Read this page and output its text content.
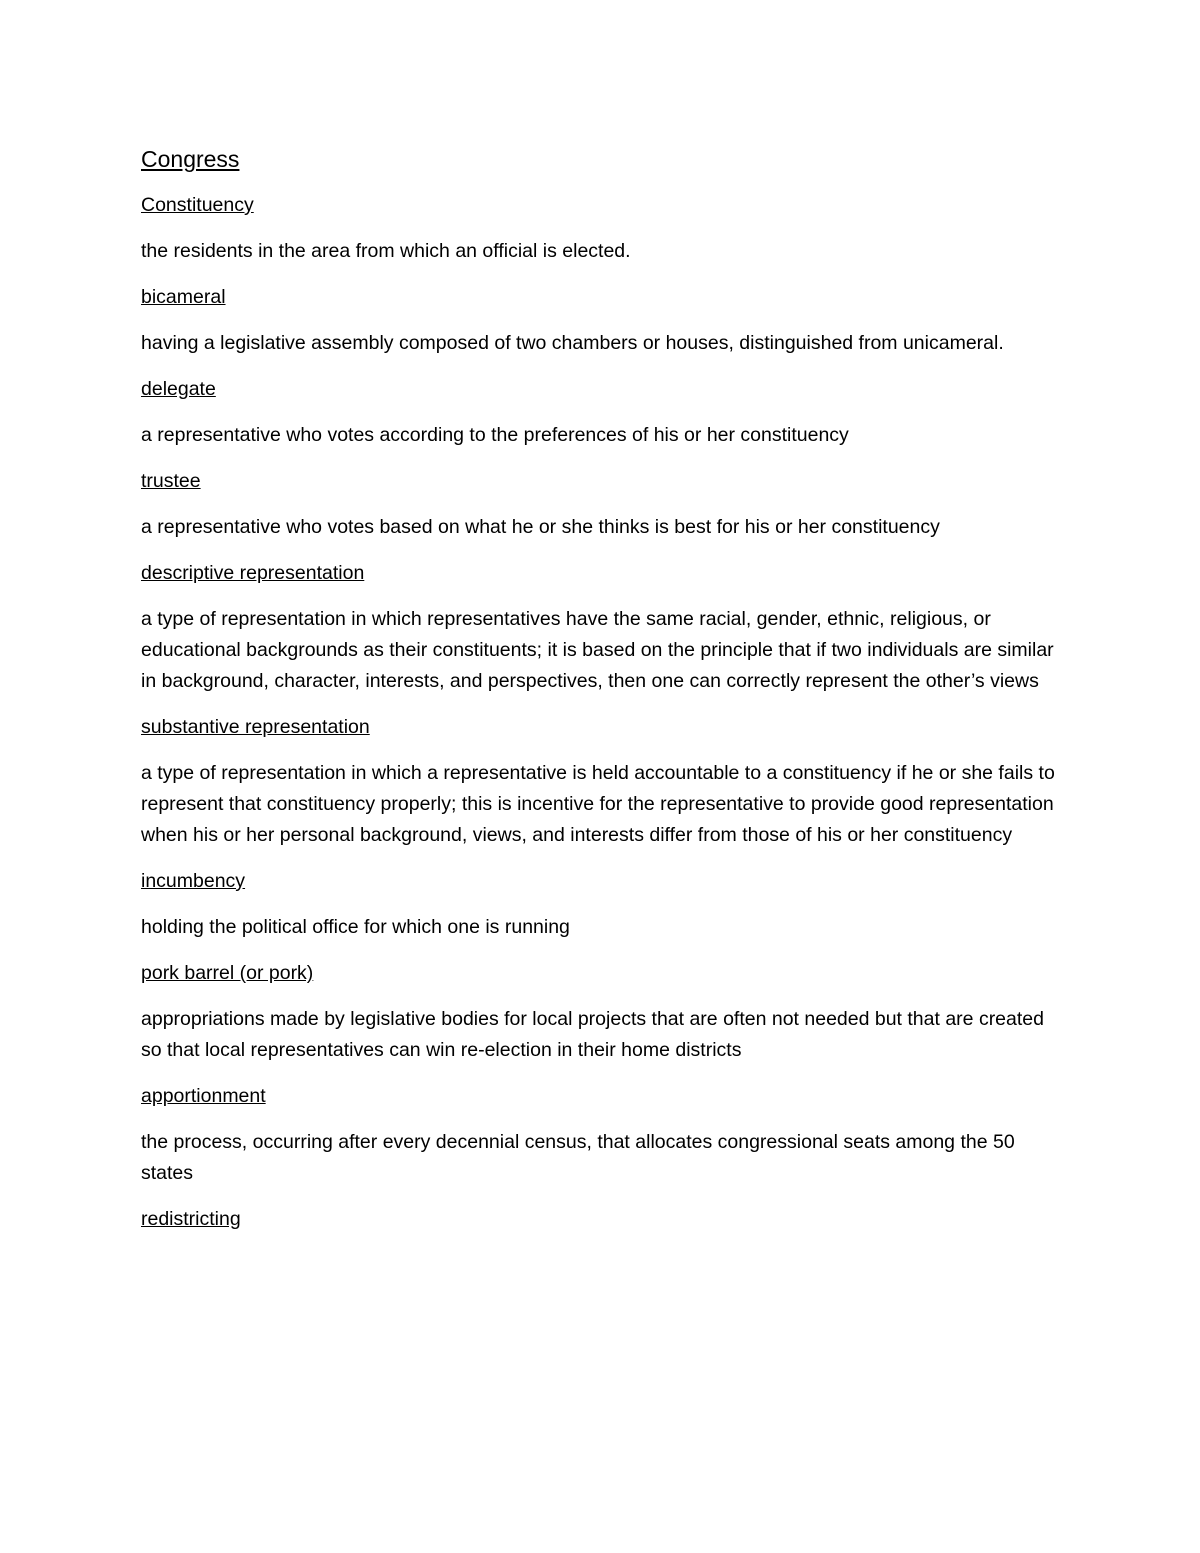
Congress
Constituency
the residents in the area from which an official is elected.
bicameral
having a legislative assembly composed of two chambers or houses, distinguished from unicameral.
delegate
a representative who votes according to the preferences of his or her constituency
trustee
a representative who votes based on what he or she thinks is best for his or her constituency
descriptive representation
a type of representation in which representatives have the same racial, gender, ethnic, religious, or educational backgrounds as their constituents; it is based on the principle that if two individuals are similar in background, character, interests, and perspectives, then one can correctly represent the other’s views
substantive representation
a type of representation in which a representative is held accountable to a constituency if he or she fails to represent that constituency properly; this is incentive for the representative to provide good representation when his or her personal background, views, and interests differ from those of his or her constituency
incumbency
holding the political office for which one is running
pork barrel (or pork)
appropriations made by legislative bodies for local projects that are often not needed but that are created so that local representatives can win re-election in their home districts
apportionment
the process, occurring after every decennial census, that allocates congressional seats among the 50 states
redistricting
